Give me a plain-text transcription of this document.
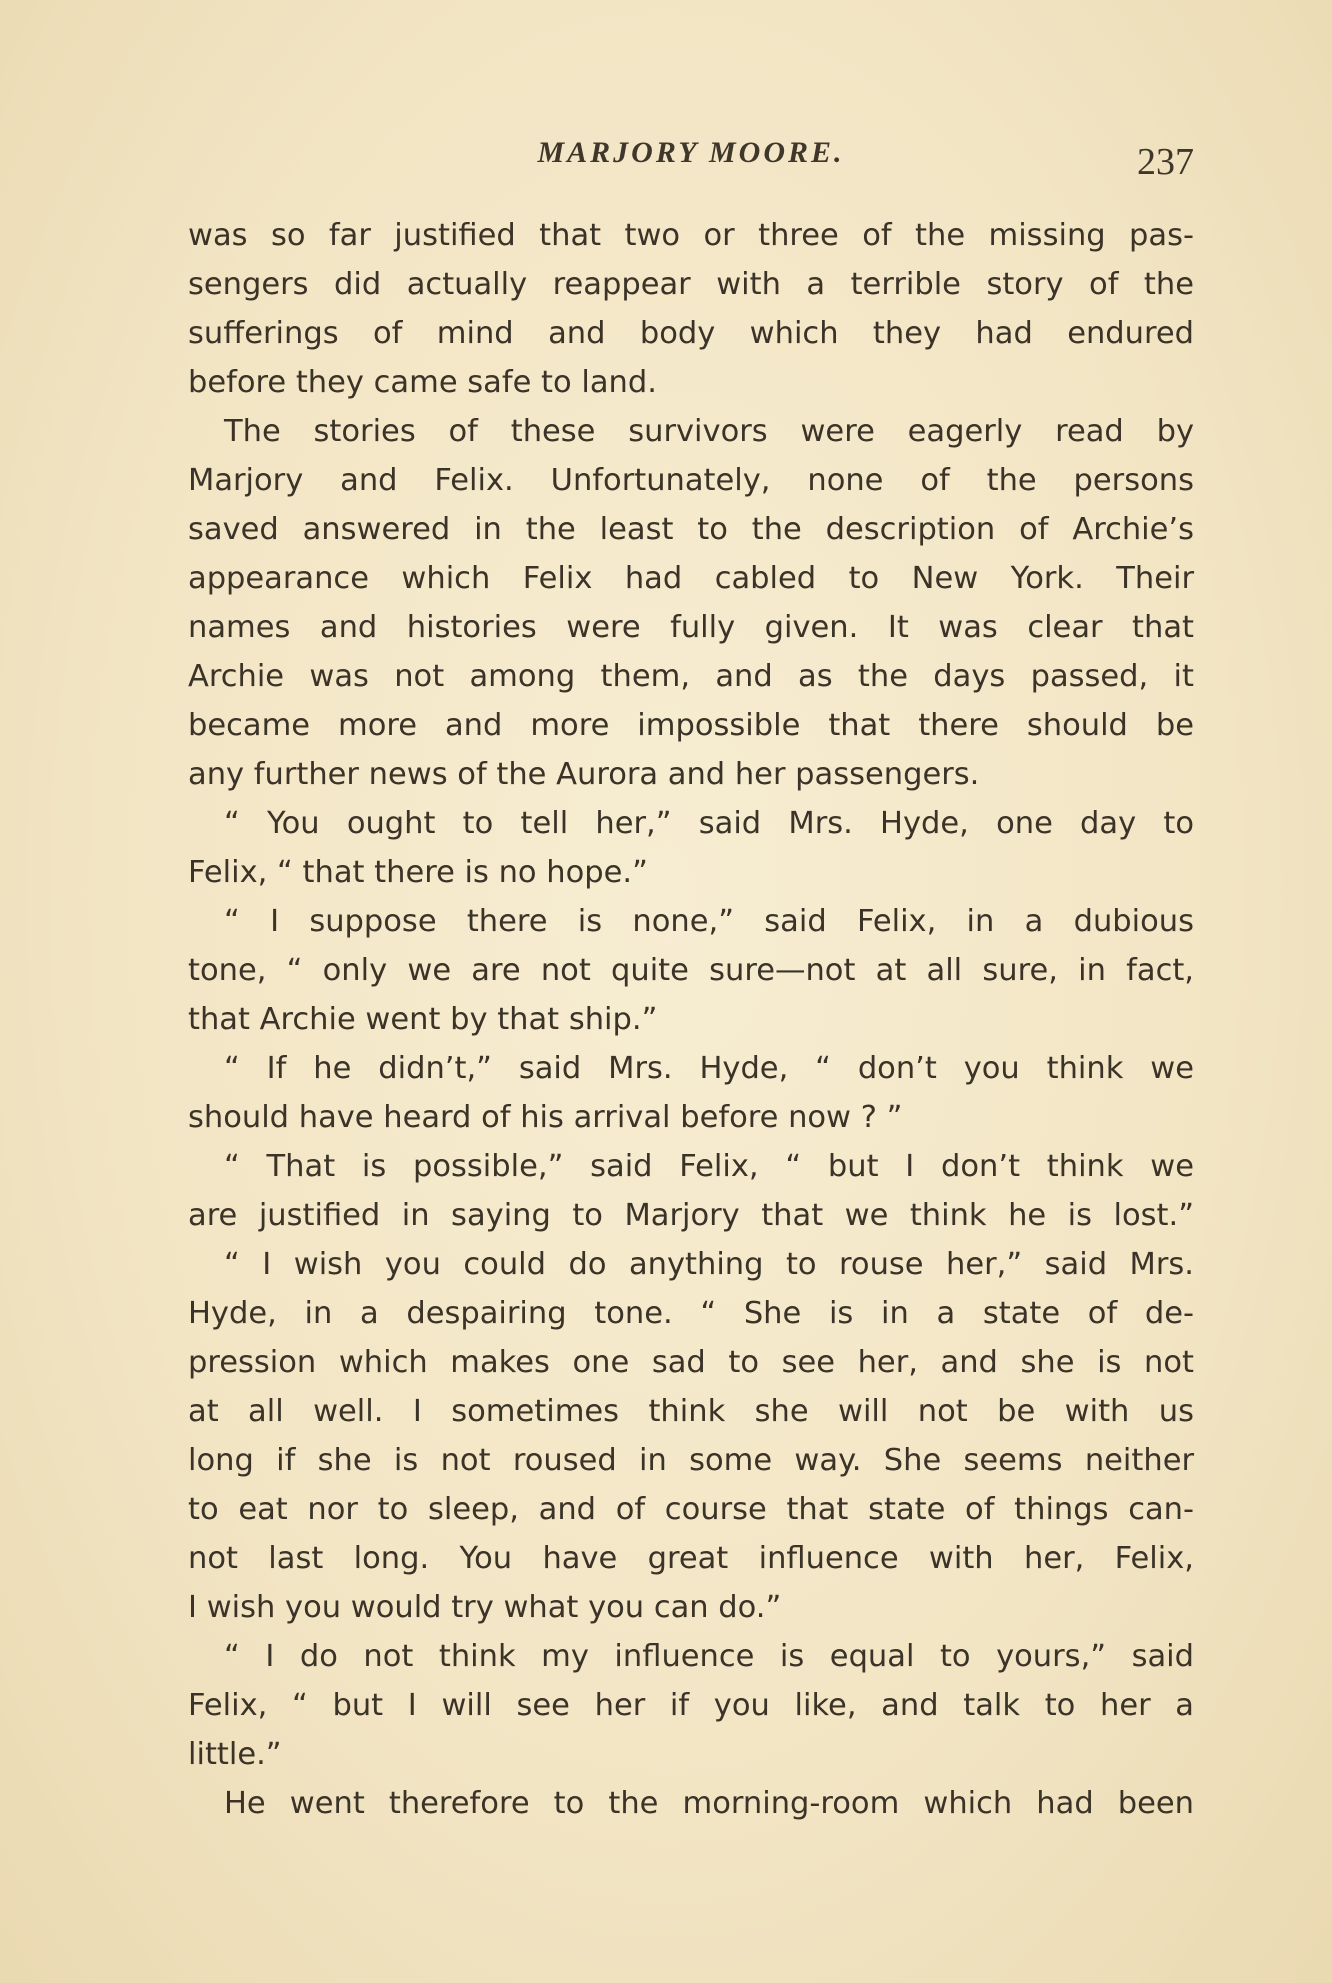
MARJORY MOORE.	237
was so far justified that two or three of the missing pas-
sengers did actually reappear with a terrible story of the
sufferings of mind and body which they had endured
before they came safe to land.
The stories of these survivors were eagerly read by
Marjory and Felix. Unfortunately, none of the persons
saved answered in the least to the description of Archie’s
appearance which Felix had cabled to New York. Their
names and histories were fully given. It was clear that
Archie was not among them, and as the days passed, it
became more and more impossible that there should be
any further news of the Aurora and her passengers.
“ You ought to tell her,” said Mrs. Hyde, one day to
Felix, “ that there is no hope.”
“ I suppose there is none,” said Felix, in a dubious
tone, “ only we are not quite sure—not at all sure, in fact,
that Archie went by that ship.”
“ If he didn’t,” said Mrs. Hyde, “ don’t you think we
should have heard of his arrival before now ? ”
“ That is possible,” said Felix, “ but I don’t think we
are justified in saying to Marjory that we think he is lost.”
“ I wish you could do anything to rouse her,” said Mrs.
Hyde, in a despairing tone. “ She is in a state of de-
pression which makes one sad to see her, and she is not
at all well. I sometimes think she will not be with us
long if she is not roused in some way. She seems neither
to eat nor to sleep, and of course that state of things can-
not last long. You have great influence with her, Felix,
I wish you would try what you can do.”
“ I do not think my influence is equal to yours,” said
Felix, “ but I will see her if you like, and talk to her a
little.”
He went therefore to the morning-room which had been
